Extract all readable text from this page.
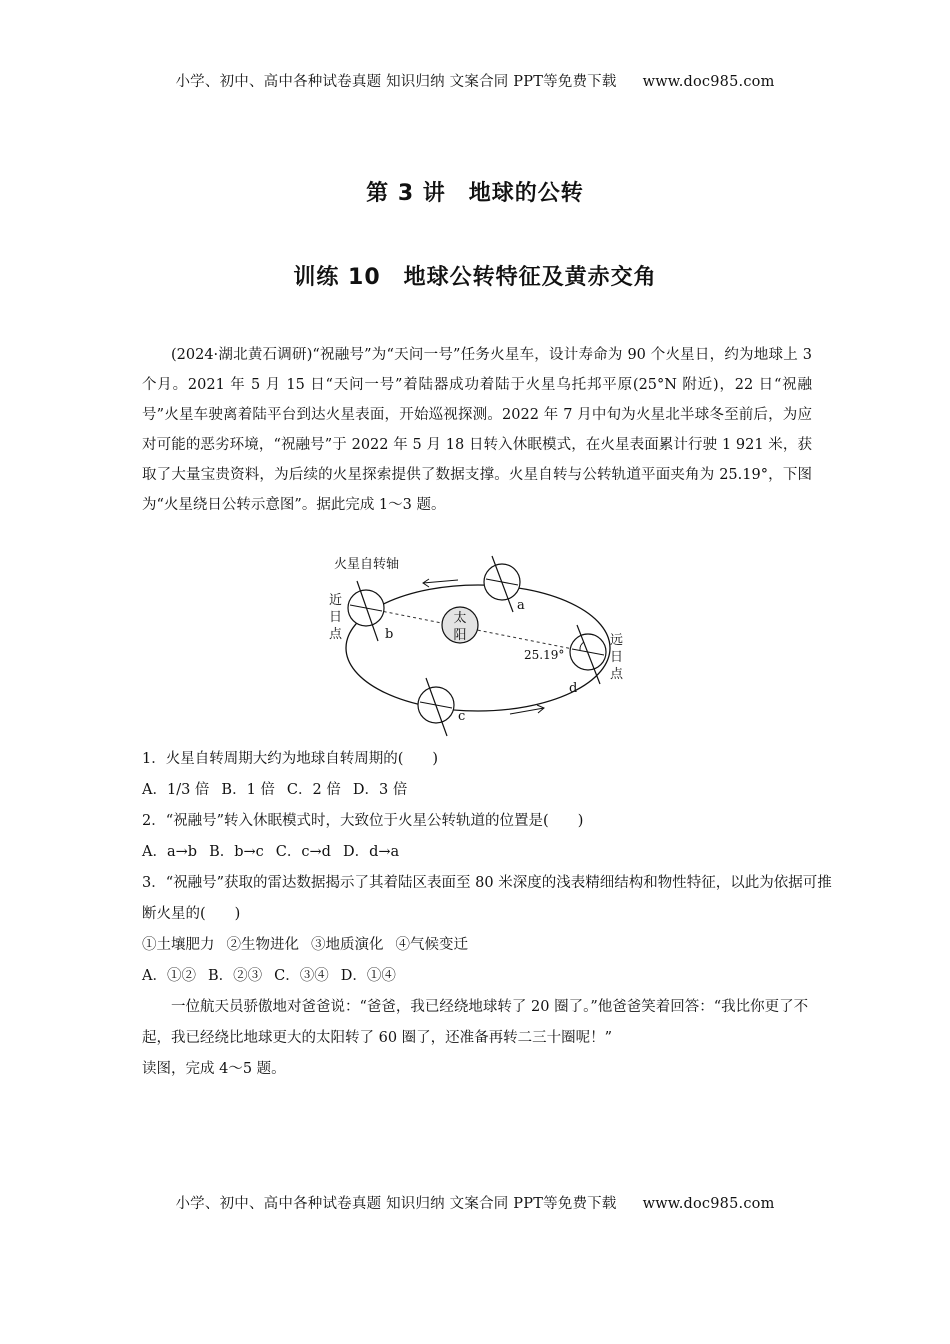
小学、初中、高中各种试卷真题 知识归纳 文案合同 PPT等免费下载 www.doc985.com
第 3 讲　地球的公转
训练 10　地球公转特征及黄赤交角
(2024·湖北黄石调研)“祝融号”为“天问一号”任务火星车，设计寿命为 90 个火星日，约为地球上 3 个月。2021 年 5 月 15 日“天问一号”着陆器成功着陆于火星乌托邦平原(25°N 附近)，22 日“祝融号”火星车驶离着陆平台到达火星表面，开始巡视探测。2022 年 7 月中旬为火星北半球冬至前后，为应对可能的恶劣环境，“祝融号”于 2022 年 5 月 18 日转入休眠模式，在火星表面累计行驶 1 921 米，获取了大量宝贵资料，为后续的火星探索提供了数据支撑。火星自转与公转轨道平面夹角为 25.19°，下图为“火星绕日公转示意图”。据此完成 1～3 题。
太
阳
火星自转轴
近
日
点	远
日
点
25.19°
a
b
c
d
1．火星自转周期大约为地球自转周期的(　　)
A．1/3 倍 B．1 倍 C．2 倍 D．3 倍
2．“祝融号”转入休眠模式时，大致位于火星公转轨道的位置是(　　)
A．a→b B．b→c C．c→d D．d→a
3．“祝融号”获取的雷达数据揭示了其着陆区表面至 80 米深度的浅表精细结构和物性特征，以此为依据可推断火星的(　　)
①土壤肥力 ②生物进化 ③地质演化 ④气候变迁
A．①② B．②③ C．③④ D．①④
一位航天员骄傲地对爸爸说：“爸爸，我已经绕地球转了 20 圈了。”他爸爸笑着回答：“我比你更了不起，我已经绕比地球更大的太阳转了 60 圈了，还准备再转二三十圈呢！”
读图，完成 4～5 题。
小学、初中、高中各种试卷真题 知识归纳 文案合同 PPT等免费下载 www.doc985.com
